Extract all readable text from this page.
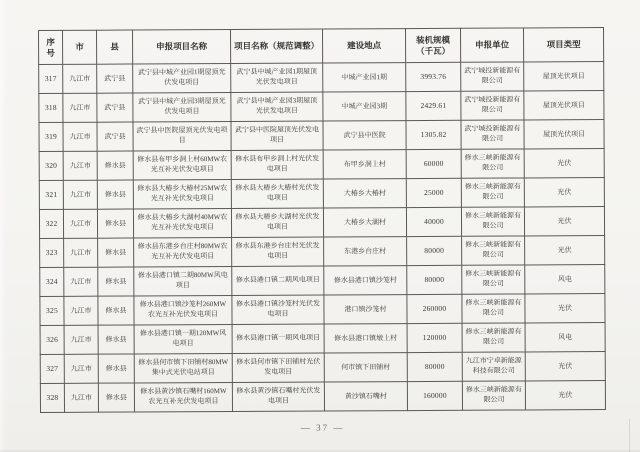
序号	市	县	申报项目名称	项目名称（规范调整）	建设地点	装机规模（千瓦）	申报单位	项目类型
317	九江市	武宁县	武宁县中城产业园1期屋顶光伏发电项目	武宁县中城产业园1期屋顶光伏发电项目	中城产业园1期	3993.76	武宁城投新能源有限公司	屋顶光伏项目
318	九江市	武宁县	武宁县中城产业园3期屋顶光伏发电项目	武宁县中城产业园3期屋顶光伏发电项目	中城产业园3期	2429.61	武宁城投新能源有限公司	屋顶光伏项目
319	九江市	武宁县	武宁县中医院屋顶光伏发电项目	武宁县中医院屋顶光伏发电项目	武宁县中医院	1305.82	武宁城投新能源有限公司	屋顶光伏项目
320	九江市	修水县	修水县布甲乡洞上村60MW农光互补光伏发电项目	修水县布甲乡洞上村光伏发电项目	布甲乡洞上村	60000	修水三峡新能源有限公司	光伏
321	九江市	修水县	修水县大椿乡大椿村25MW农光互补光伏发电项目	修水县大椿乡大椿村光伏发电项目	大椿乡大椿村	25000	修水三峡新能源有限公司	光伏
322	九江市	修水县	修水县大椿乡大湖村40MW农光互补光伏发电项目	修水县大椿乡大湖村光伏发电项目	大椿乡大湖村	40000	修水三峡新能源有限公司	光伏
323	九江市	修水县	修水县东港乡台庄村80MW农光互补光伏发电项目	修水县东港乡台庄村光伏发电项目	东港乡台庄村	80000	修水三峡新能源有限公司	光伏
324	九江市	修水县	修水县港口镇二期80MW风电项目	修水县港口镇二期风电项目	修水县港口镇沙笼村	80000	修水三峡新能源有限公司	风电
325	九江市	修水县	修水县港口镇沙笼村260MW农光互补光伏发电项目	修水县港口镇沙笼村光伏发电项目	港口镇沙笼村	260000	修水三峡新能源有限公司	光伏
326	九江市	修水县	修水县港口镇一期120MW风电项目	修水县港口镇一期风电项目	修水县港口镇墩上村	120000	修水三峡新能源有限公司	风电
327	九江市	修水县	修水县何市镇下田铺村80MW集中式光伏电站项目	修水县何市镇下田铺村光伏发电项目	何市镇下田铺村	80000	九江市宁卓新能源科技有限公司	光伏
328	九江市	修水县	修水县黄沙镇石嘴村160MW农光互补光伏发电项目	修水县黄沙镇石嘴村光伏发电项目	黄沙镇石嘴村	160000	修水三峡新能源有限公司	光伏
— 37 —
